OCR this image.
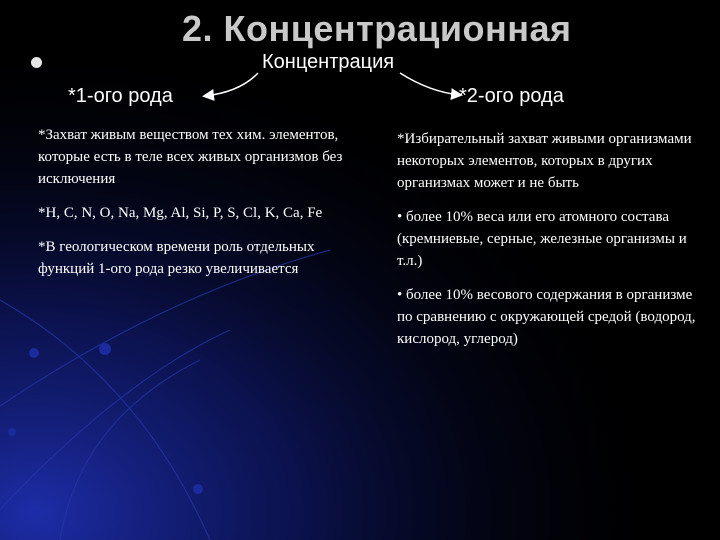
2. Концентрационная
Концентрация
*1-ого рода	*2-ого рода

*Захват живым веществом тех хим. элементов, которые есть в теле всех живых организмов без исключения

*H, C, N, O, Na, Mg, Al, Si, P, S, Cl, K, Ca, Fe

*В геологическом времени роль отдельных функций 1-ого рода резко увеличивается

*Избирательный захват живыми организмами некоторых элементов, которых в других организмах может и не быть

• более 10% веса или его атомного состава (кремниевые, серные, железные организмы и т.л.)

• более 10% весового содержания в организме по сравнению с окружающей средой (водород, кислород, углерод)
